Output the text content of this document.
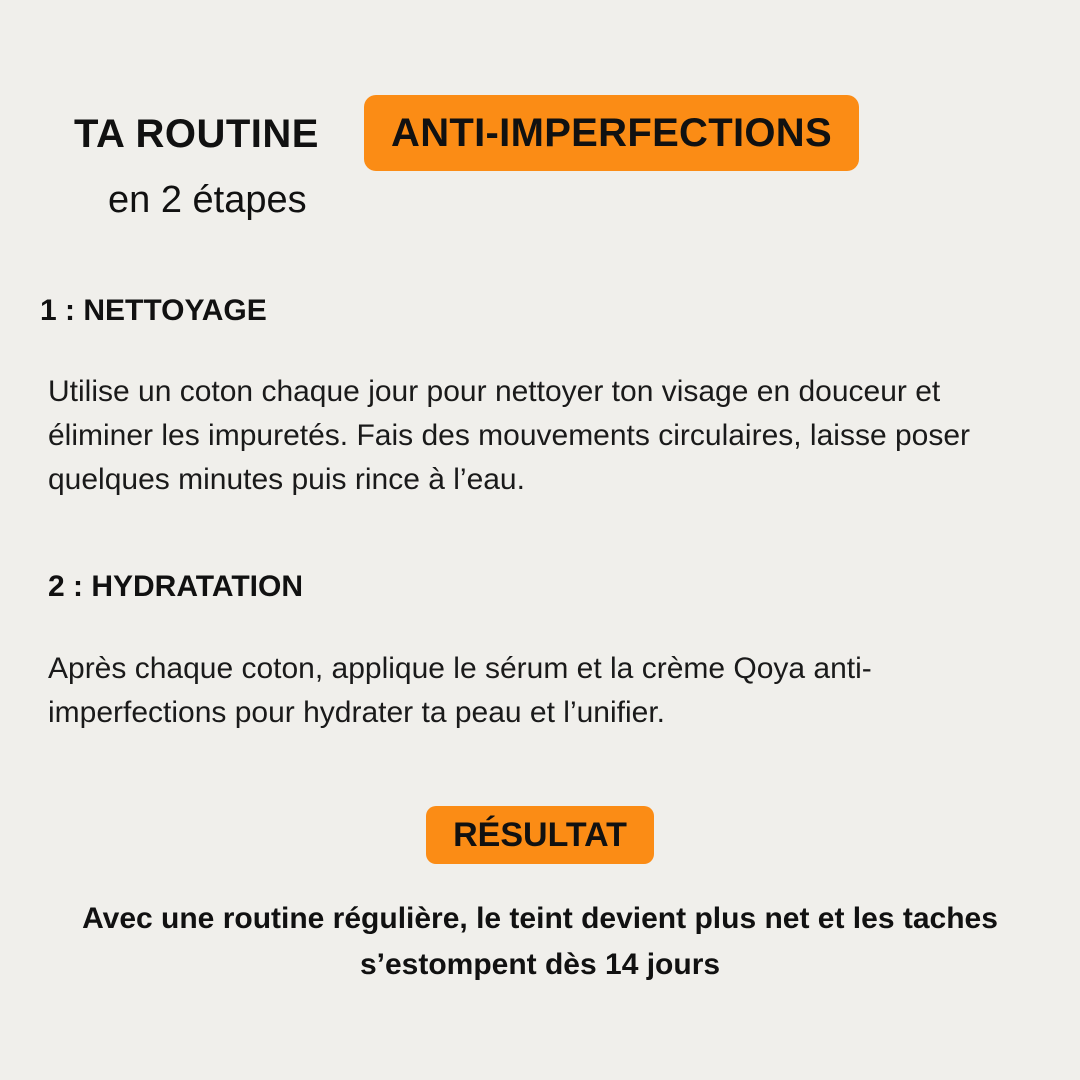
TA ROUTINE	ANTI-IMPERFECTIONS
en 2 étapes
1 : NETTOYAGE
Utilise un coton chaque jour pour nettoyer ton visage en douceur et éliminer les impuretés. Fais des mouvements circulaires, laisse poser quelques minutes puis rince à l’eau.
2 : HYDRATATION
Après chaque coton, applique le sérum et la crème Qoya anti-imperfections pour hydrater ta peau et l’unifier.
RÉSULTAT
Avec une routine régulière, le teint devient plus net et les taches s’estompent dès 14 jours
